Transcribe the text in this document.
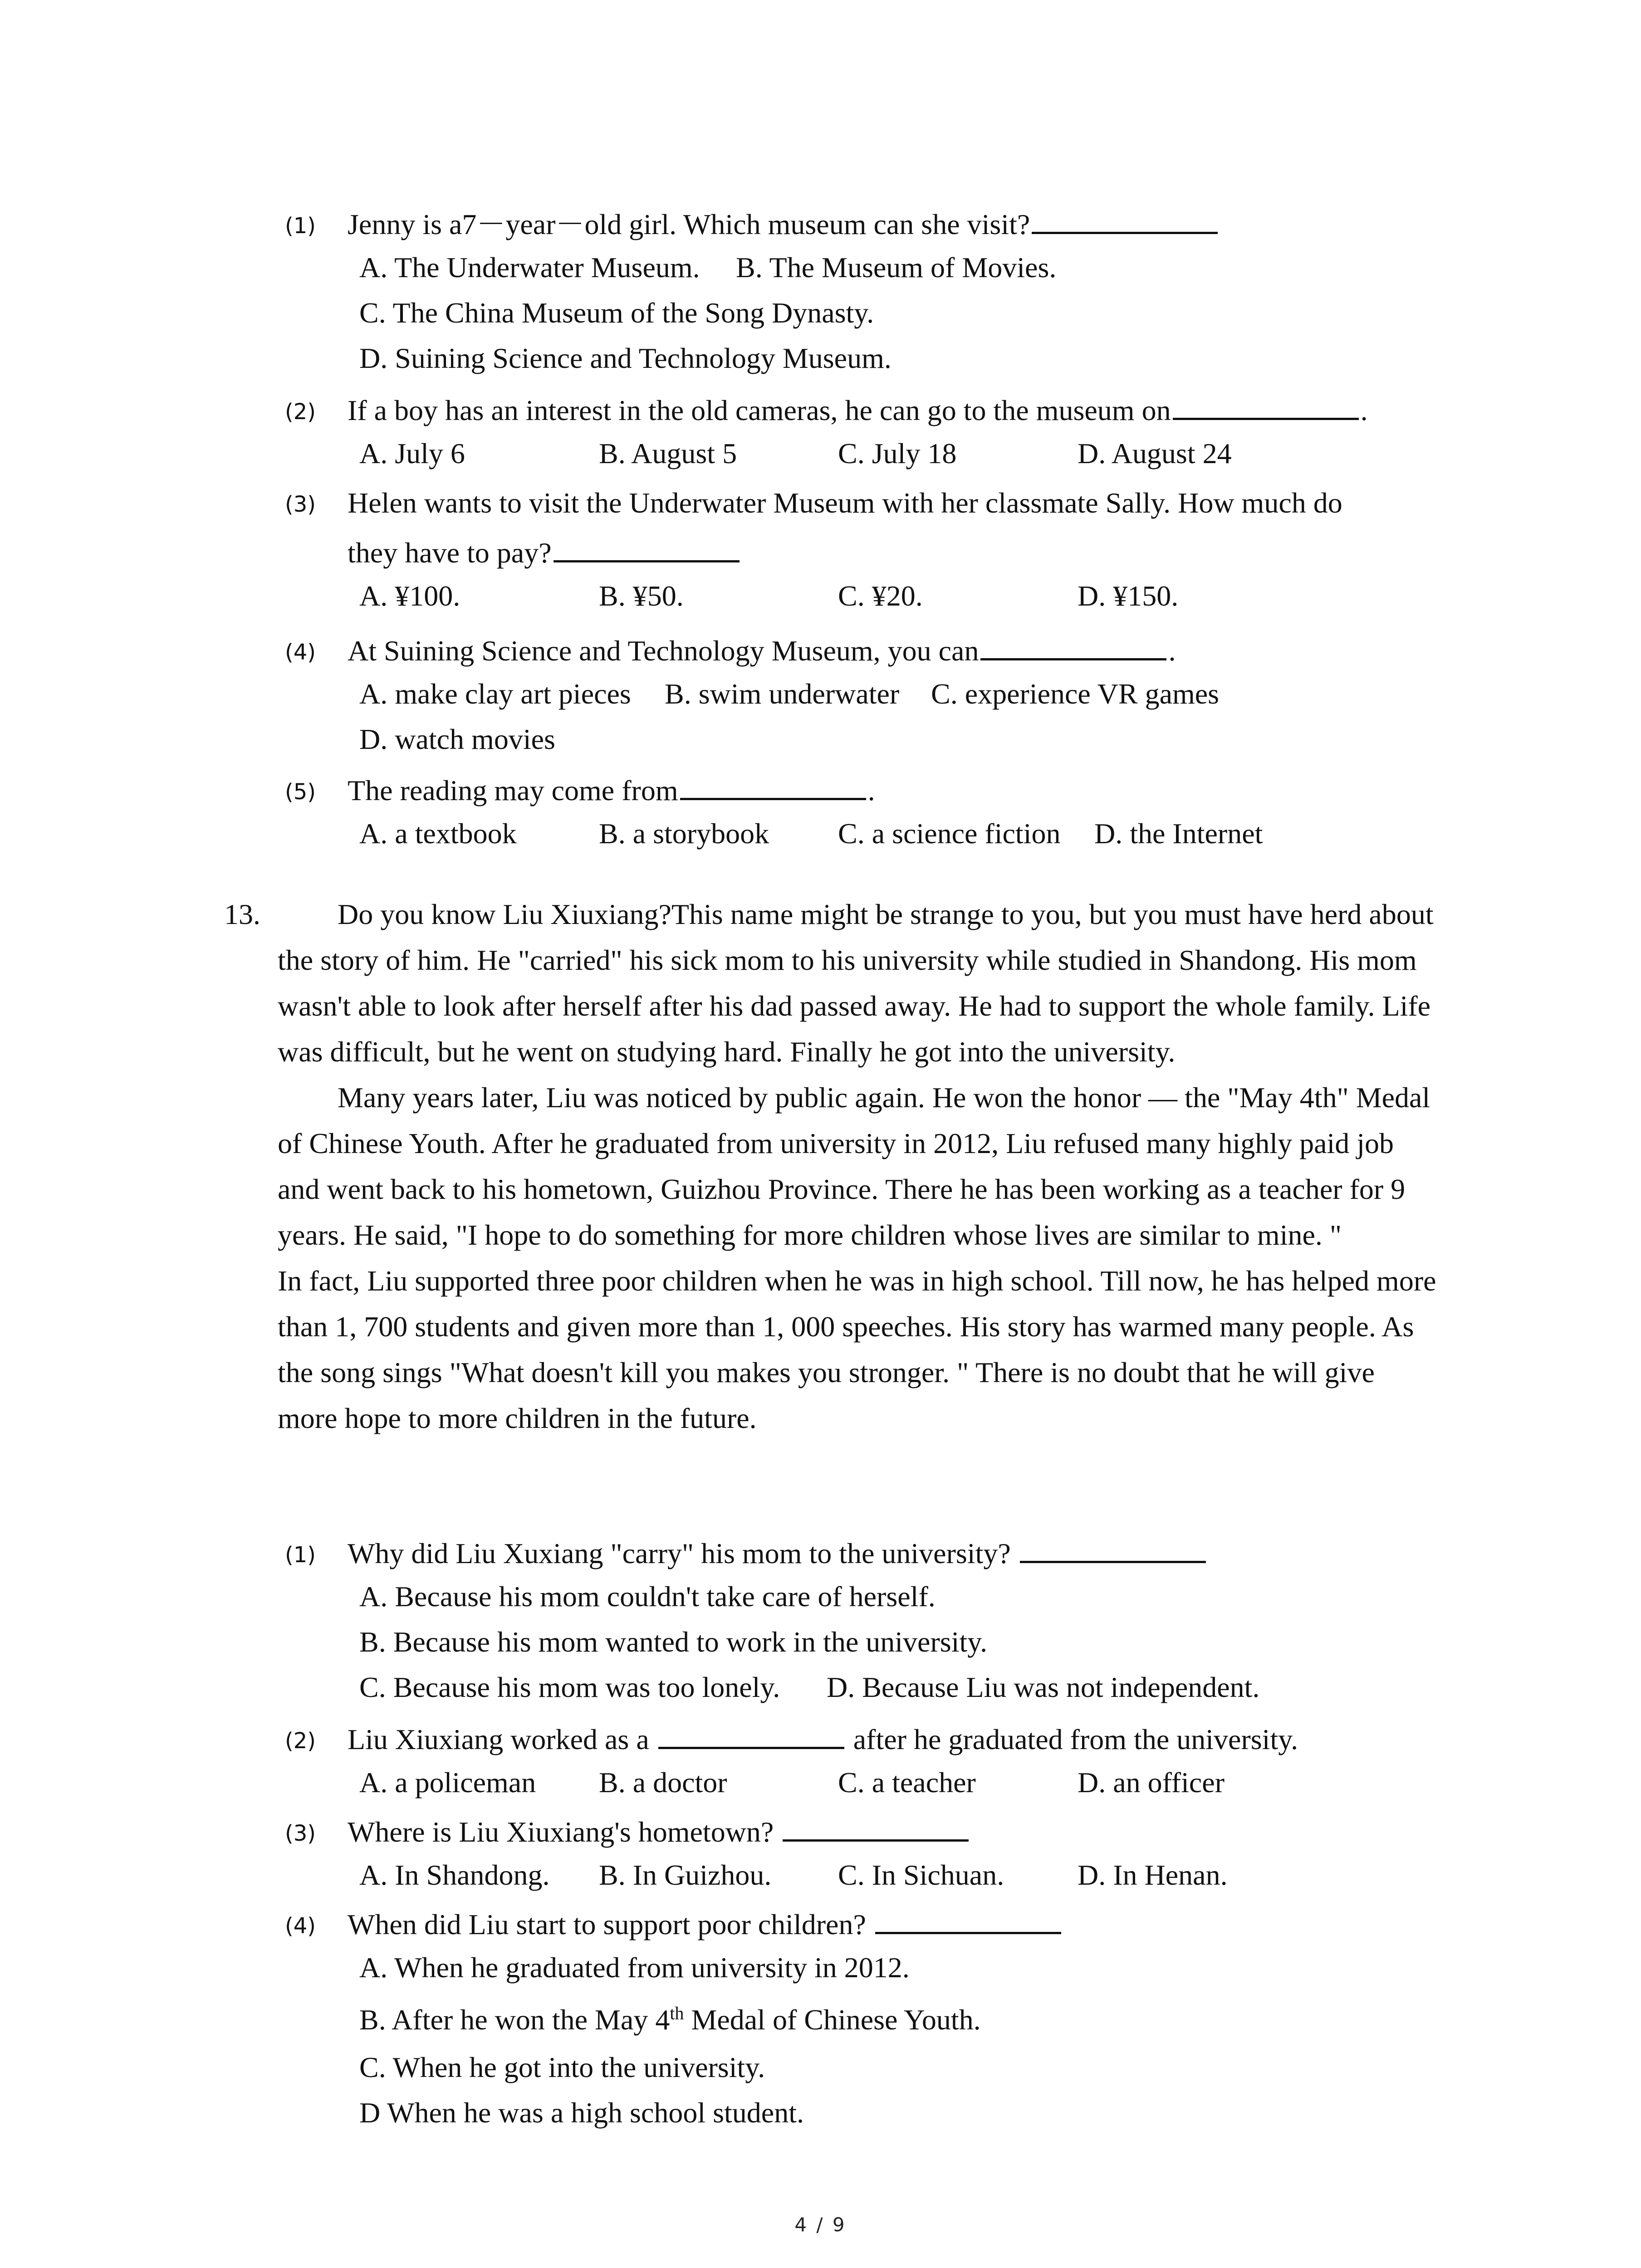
(1) Jenny is a7－year－old girl. Which museum can she visit?
A. The Underwater Museum. B. The Museum of Movies.
C. The China Museum of the Song Dynasty.
D. Suining Science and Technology Museum.
(2) If a boy has an interest in the old cameras, he can go to the museum on	.
A. July 6	B. August 5	C. July 18	D. August 24
(3) Helen wants to visit the Underwater Museum with her classmate Sally. How much do
they have to pay?
A. ¥100.	B. ¥50.	C. ¥20.	D. ¥150.
(4) At Suining Science and Technology Museum, you can	.
A. make clay art pieces B. swim underwater C. experience VR games
D. watch movies
(5) The reading may come from	.
A. a textbook	B. a storybook C. a science fiction D. the Internet
13.	Do you know Liu Xiuxiang?This name might be strange to you, but you must have herd about the story of him. He "carried" his sick mom to his university while studied in Shandong. His mom wasn't able to look after herself after his dad passed away. He had to support the whole family. Life was difficult, but he went on studying hard. Finally he got into the university.

Many years later, Liu was noticed by public again. He won the honor — the "May 4th" Medal of Chinese Youth. After he graduated from university in 2012, Liu refused many highly paid job and went back to his hometown, Guizhou Province. There he has been working as a teacher for 9 years. He said, "I hope to do something for more children whose lives are similar to mine. "

In fact, Liu supported three poor children when he was in high school. Till now, he has helped more than 1, 700 students and given more than 1, 000 speeches. His story has warmed many people. As the song sings "What doesn't kill you makes you stronger. " There is no doubt that he will give more hope to more children in the future.

(1) Why did Liu Xuxiang "carry" his mom to the university?
A. Because his mom couldn't take care of herself.
B. Because his mom wanted to work in the university.
C. Because his mom was too lonely. D. Because Liu was not independent.
(2) Liu Xiuxiang worked as a	after he graduated from the university.
A. a policeman B. a doctor	C. a teacher	D. an officer
(3) Where is Liu Xiuxiang's hometown?
A. In Shandong. B. In Guizhou. C. In Sichuan.	D. In Henan.
(4) When did Liu start to support poor children?
A. When he graduated from university in 2012.
B. After he won the May 4th Medal of Chinese Youth.
C. When he got into the university.
D When he was a high school student.
4 / 9
